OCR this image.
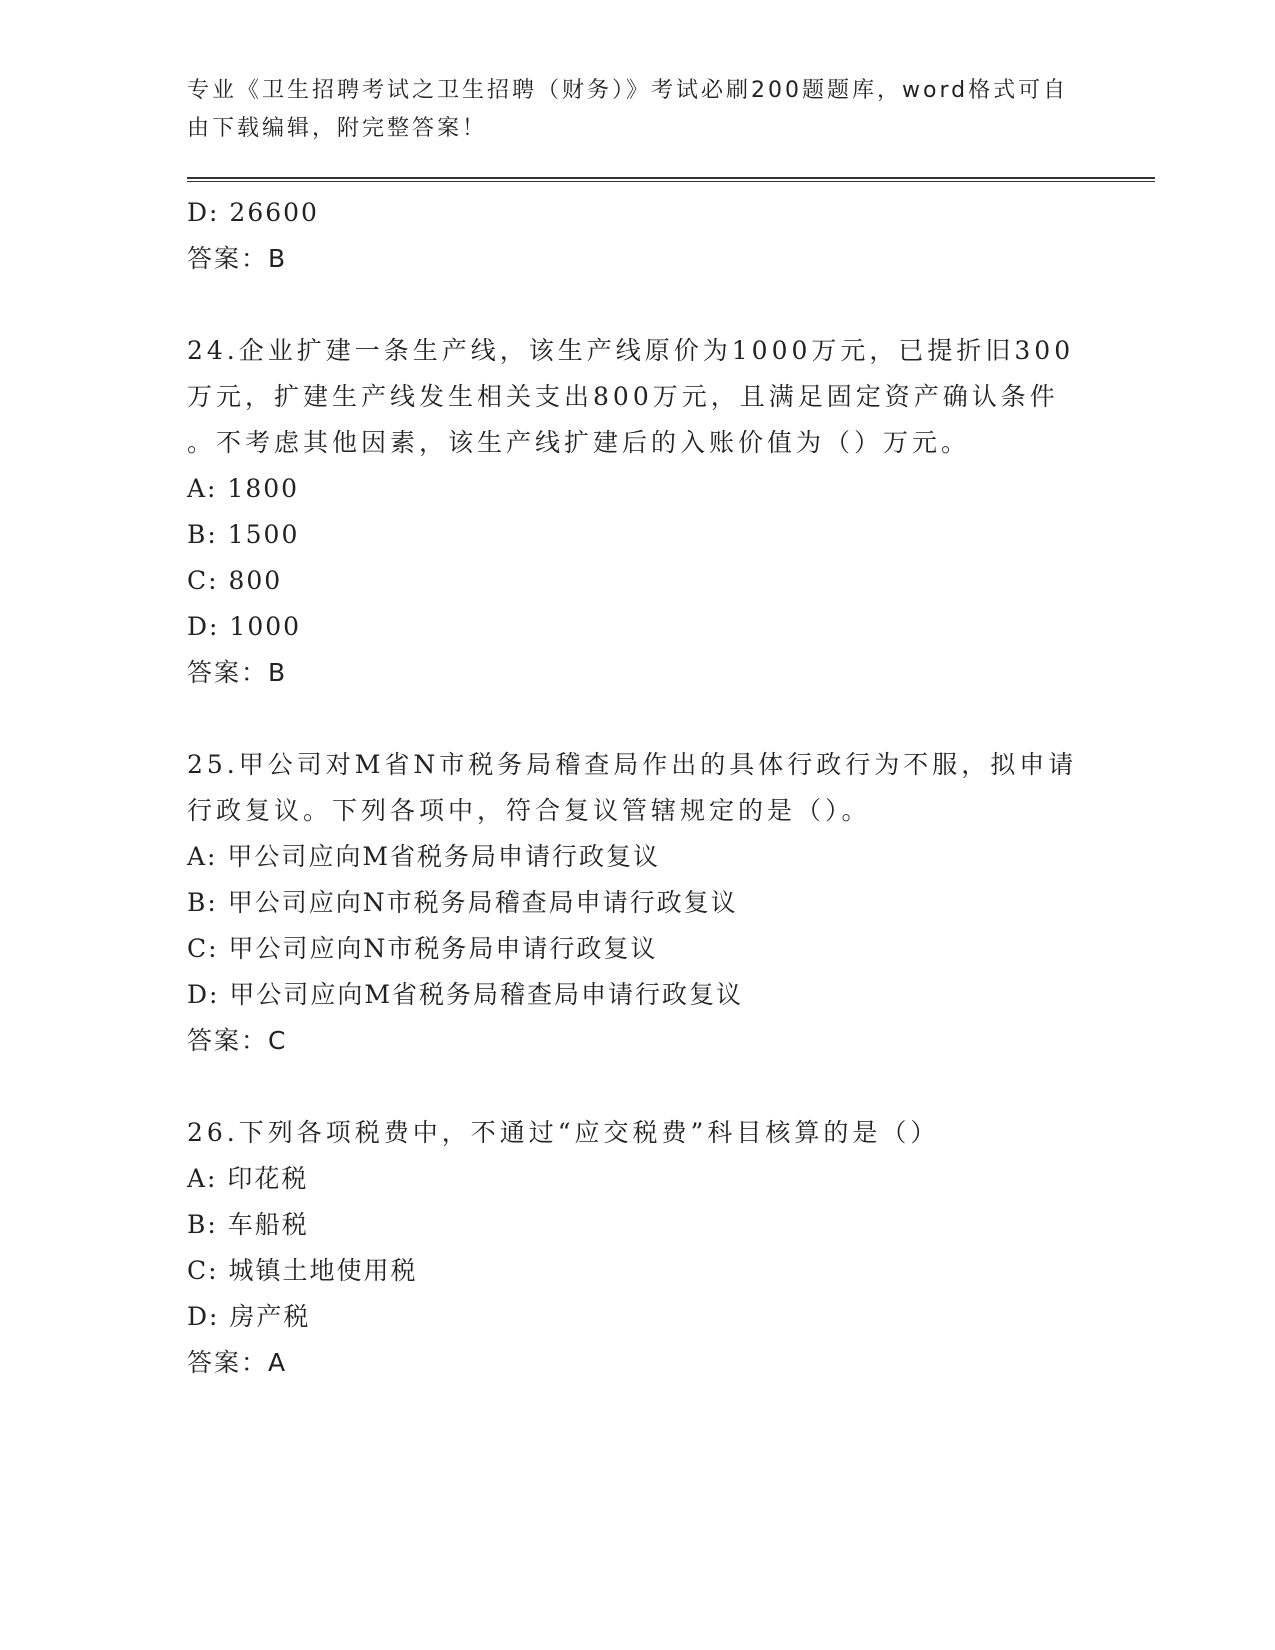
专业《卫生招聘考试之卫生招聘（财务）》考试必刷200题题库，word格式可自
由下载编辑，附完整答案！
D: 26600
答案：B
24.企业扩建一条生产线，该生产线原价为1000万元，已提折旧300
万元，扩建生产线发生相关支出800万元，且满足固定资产确认条件
。不考虑其他因素，该生产线扩建后的入账价值为（）万元。
A: 1800
B: 1500
C: 800
D: 1000
答案：B
25.甲公司对M省N市税务局稽查局作出的具体行政行为不服，拟申请
行政复议。下列各项中，符合复议管辖规定的是（）。
A: 甲公司应向M省税务局申请行政复议
B: 甲公司应向N市税务局稽查局申请行政复议
C: 甲公司应向N市税务局申请行政复议
D: 甲公司应向M省税务局稽查局申请行政复议
答案：C
26.下列各项税费中，不通过“应交税费”科目核算的是（）
A: 印花税
B: 车船税
C: 城镇土地使用税
D: 房产税
答案：A
